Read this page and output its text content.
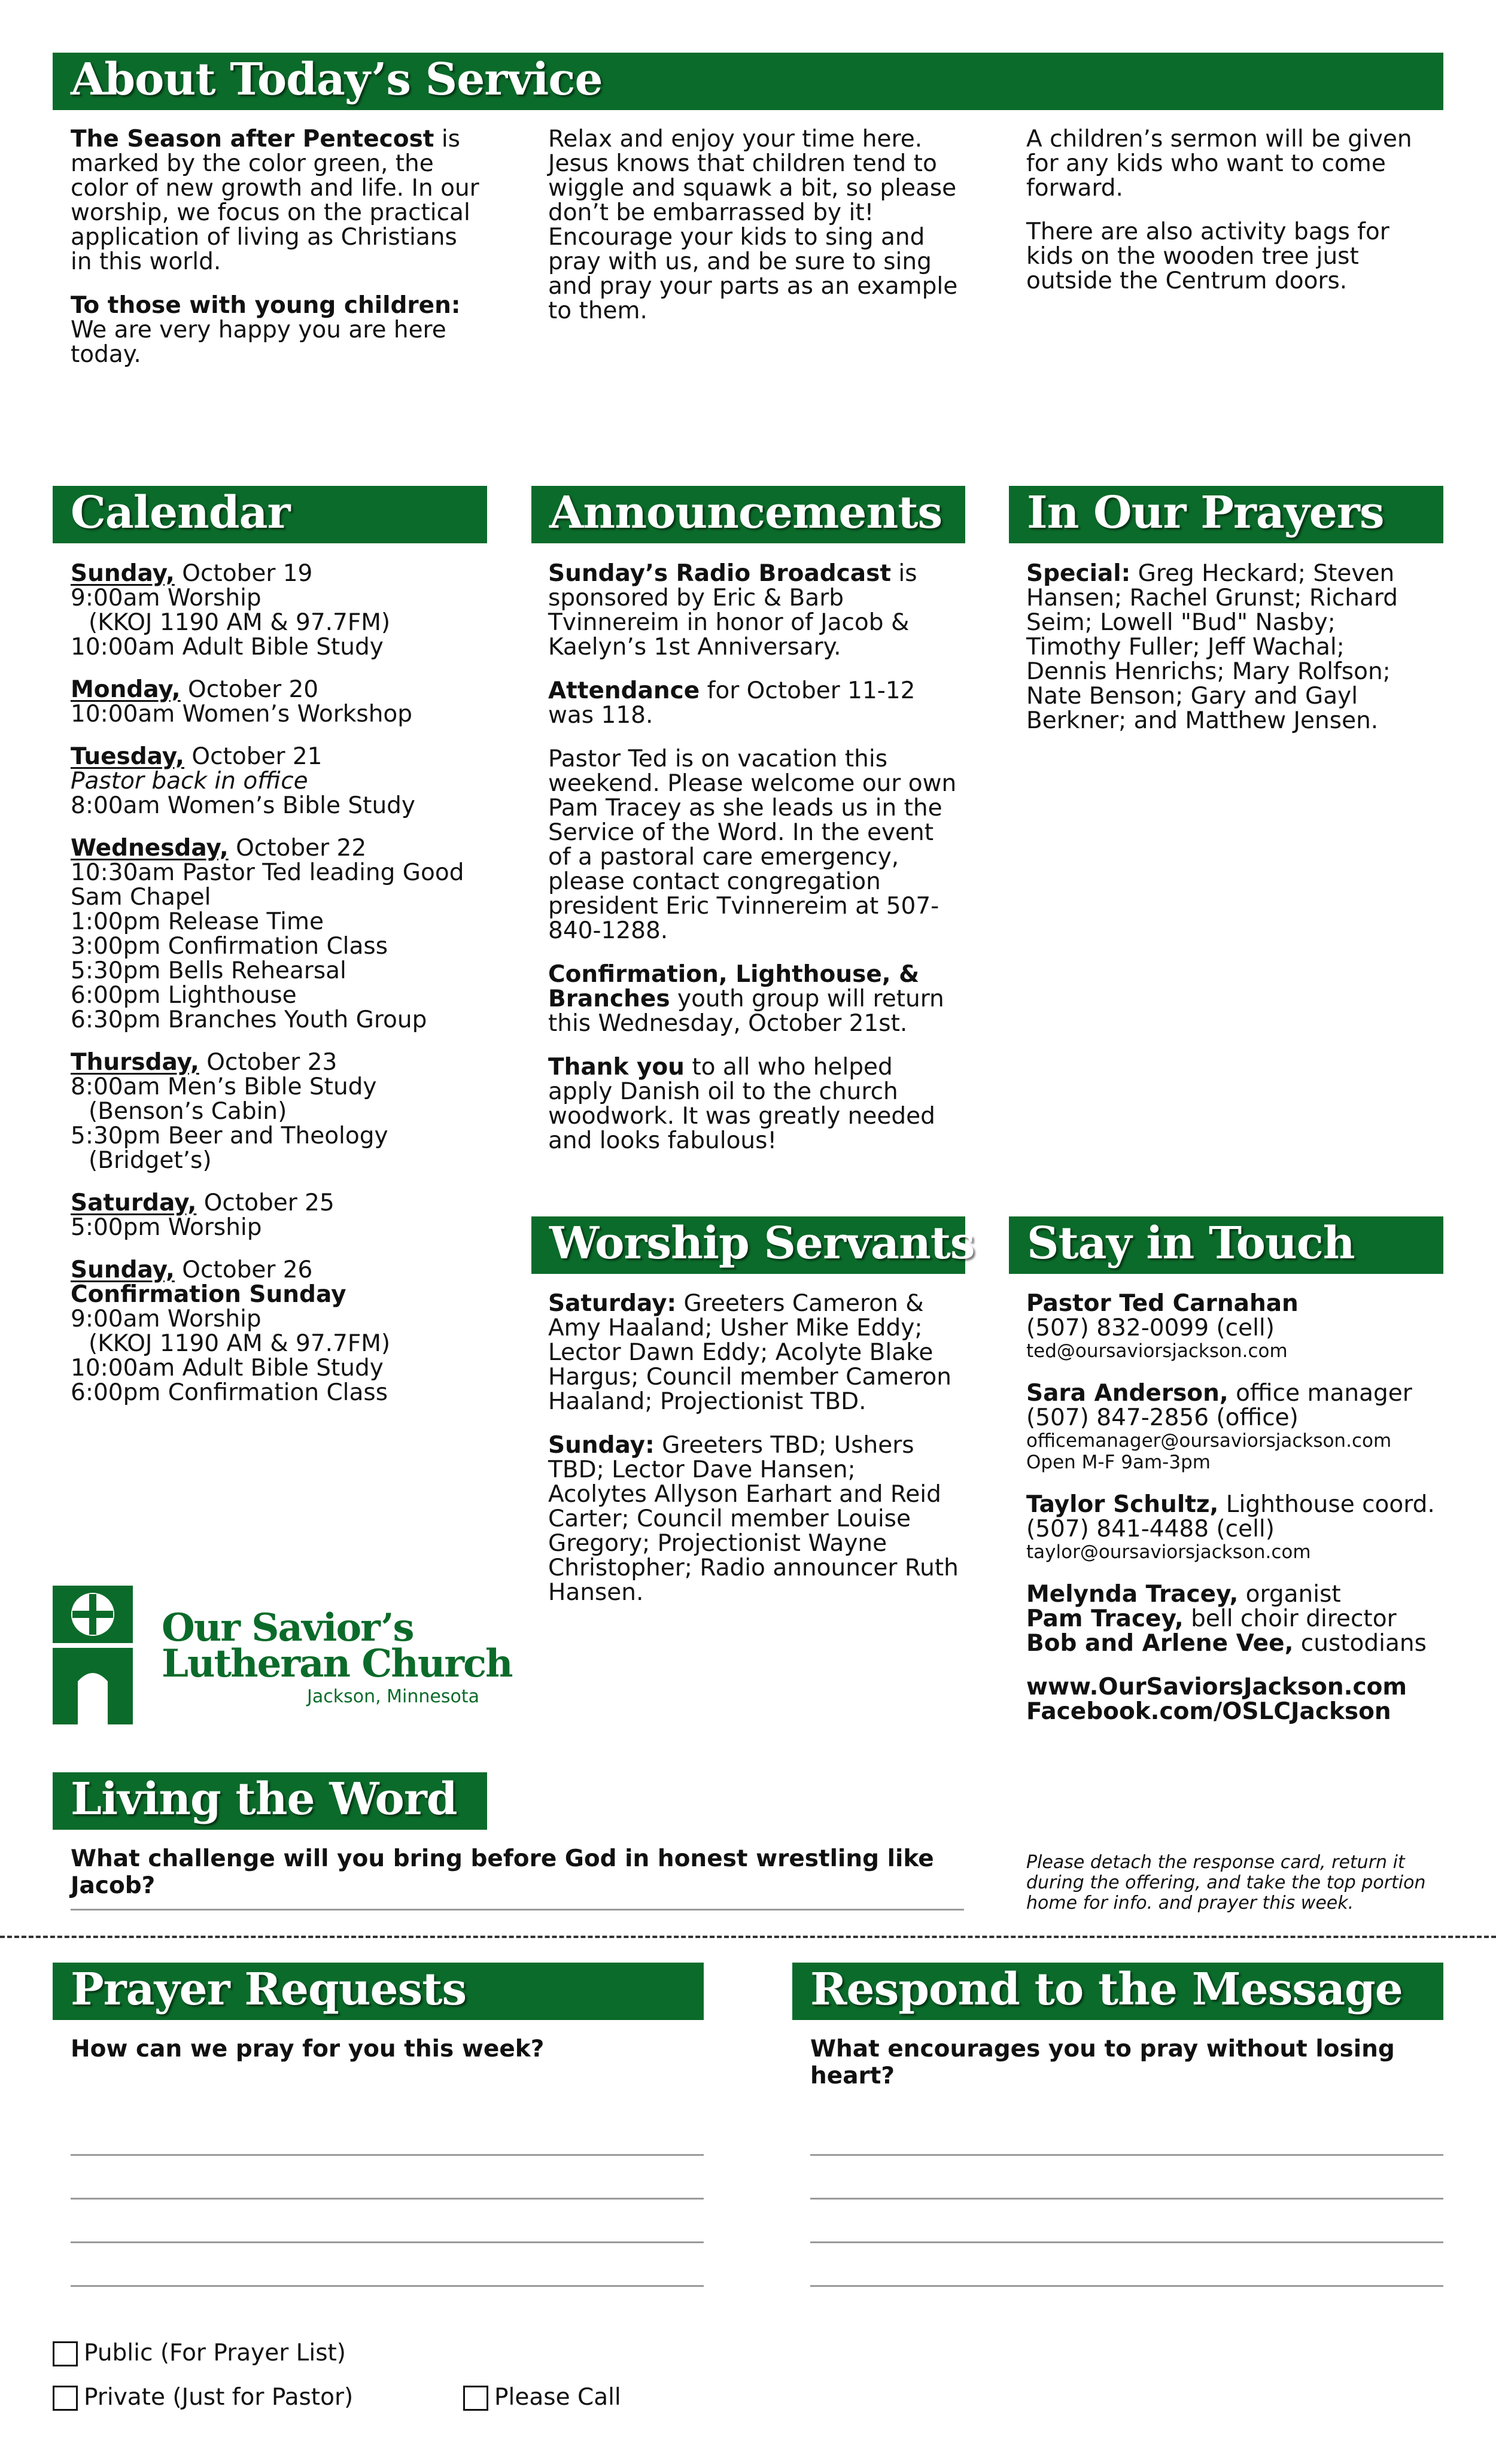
About Today’s Service

The Season after Pentecost is marked by the color green, the color of new growth and life. In our worship, we focus on the practical application of living as Christians in this world.

To those with young children: We are very happy you are here today.

Relax and enjoy your time here. Jesus knows that children tend to wiggle and squawk a bit, so please don’t be embarrassed by it! Encourage your kids to sing and pray with us, and be sure to sing and pray your parts as an example to them.

A children’s sermon will be given for any kids who want to come forward.

There are also activity bags for kids on the wooden tree just outside the Centrum doors.

Calendar
Sunday, October 19
9:00am Worship
(KKOJ 1190 AM & 97.7FM)
10:00am Adult Bible Study
Monday, October 20
10:00am Women’s Workshop
Tuesday, October 21
Pastor back in office
8:00am Women’s Bible Study
Wednesday, October 22
10:30am Pastor Ted leading Good Sam Chapel
1:00pm Release Time
3:00pm Confirmation Class
5:30pm Bells Rehearsal
6:00pm Lighthouse
6:30pm Branches Youth Group
Thursday, October 23
8:00am Men’s Bible Study
(Benson’s Cabin)
5:30pm Beer and Theology
(Bridget’s)
Saturday, October 25
5:00pm Worship
Sunday, October 26
Confirmation Sunday
9:00am Worship
(KKOJ 1190 AM & 97.7FM)
10:00am Adult Bible Study
6:00pm Confirmation Class
Announcements

Sunday’s Radio Broadcast is sponsored by Eric & Barb Tvinnereim in honor of Jacob & Kaelyn’s 1st Anniversary.

Attendance for October 11-12 was 118.

Pastor Ted is on vacation this weekend. Please welcome our own Pam Tracey as she leads us in the Service of the Word. In the event of a pastoral care emergency, please contact congregation president Eric Tvinnereim at 507-840-1288.

Confirmation, Lighthouse, & Branches youth group will return this Wednesday, October 21st.

Thank you to all who helped apply Danish oil to the church woodwork. It was greatly needed and looks fabulous!

In Our Prayers

Special: Greg Heckard; Steven Hansen; Rachel Grunst; Richard Seim; Lowell "Bud" Nasby; Timothy Fuller; Jeff Wachal; Dennis Henrichs; Mary Rolfson; Nate Benson; Gary and Gayl Berkner; and Matthew Jensen.

Worship Servants

Saturday: Greeters Cameron & Amy Haaland; Usher Mike Eddy; Lector Dawn Eddy; Acolyte Blake Hargus; Council member Cameron Haaland; Projectionist TBD.

Sunday: Greeters TBD; Ushers TBD; Lector Dave Hansen; Acolytes Allyson Earhart and Reid Carter; Council member Louise Gregory; Projectionist Wayne Christopher; Radio announcer Ruth Hansen.

Stay in Touch
Pastor Ted Carnahan
(507) 832-0099 (cell)
ted@oursaviorsjackson.com
Sara Anderson, office manager
(507) 847-2856 (office)
officemanager@oursaviorsjackson.com
Open M-F 9am-3pm
Taylor Schultz, Lighthouse coord.
(507) 841-4488 (cell)
taylor@oursaviorsjackson.com
Melynda Tracey, organist
Pam Tracey, bell choir director
Bob and Arlene Vee, custodians
www.OurSaviorsJackson.com
Facebook.com/OSLCJackson
Our Savior’s
Lutheran Church
Jackson, Minnesota
Living the Word
What challenge will you bring before God in honest wrestling like Jacob?
Please detach the response card, return it during the offering, and take the top portion home for info. and prayer this week.
Prayer Requests
How can we pray for you this week?
Respond to the Message
What encourages you to pray without losing heart?
Public (For Prayer List)
Private (Just for Pastor)	Please Call
